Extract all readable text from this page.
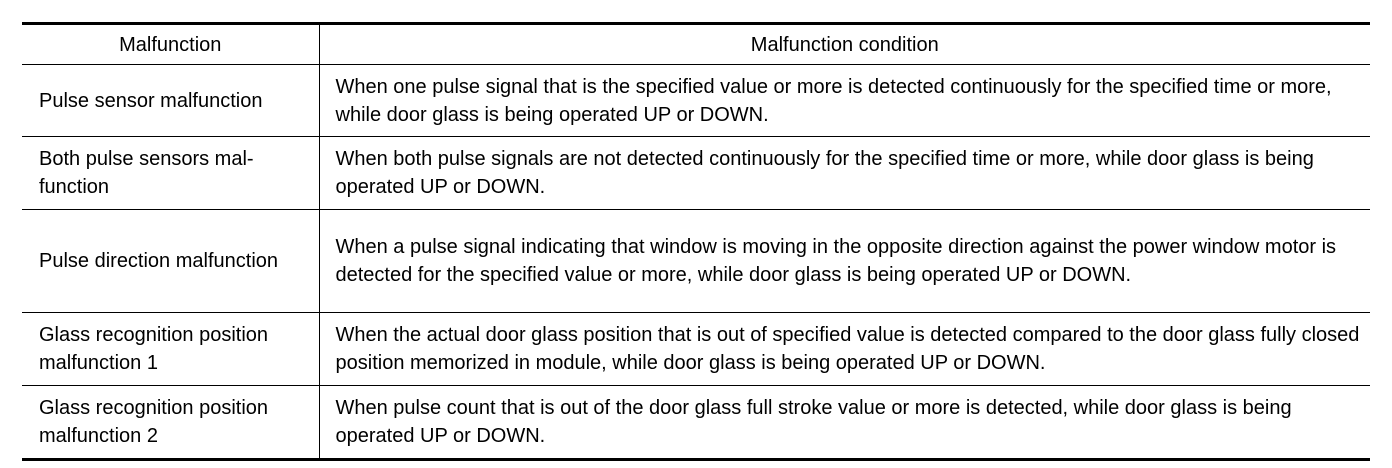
Malfunction	Malfunction condition
Pulse sensor malfunction	When one pulse signal that is the specified value or more is detected continuously for the specified time or more, while door glass is being operated UP or DOWN.
Both pulse sensors malfunction	When both pulse signals are not detected continuously for the specified time or more, while door glass is being operated UP or DOWN.
Pulse direction malfunction	When a pulse signal indicating that window is moving in the opposite direction against the power window motor is detected for the specified value or more, while door glass is being operated UP or DOWN.
Glass recognition position malfunction 1	When the actual door glass position that is out of specified value is detected compared to the door glass fully closed position memorized in module, while door glass is being operated UP or DOWN.
Glass recognition position malfunction 2	When pulse count that is out of the door glass full stroke value or more is detected, while door glass is being operated UP or DOWN.
